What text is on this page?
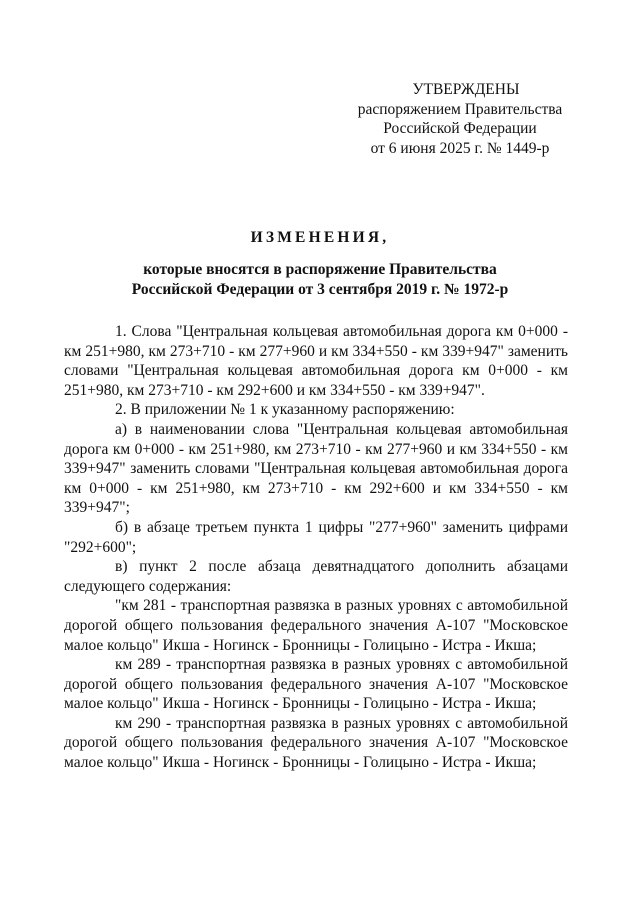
УТВЕРЖДЕНЫ
распоряжением Правительства
Российской Федерации
от 6 июня 2025 г. № 1449-р
ИЗМЕНЕНИЯ,
которые вносятся в распоряжение Правительства
Российской Федерации от 3 сентября 2019 г. № 1972-р

1. Слова "Центральная кольцевая автомобильная дорога км 0+000 - км 251+980, км 273+710 - км 277+960 и км 334+550 - км 339+947" заменить словами "Центральная кольцевая автомобильная дорога км 0+000 - км 251+980, км 273+710 - км 292+600 и км 334+550 - км 339+947".

2. В приложении № 1 к указанному распоряжению:

а) в наименовании слова "Центральная кольцевая автомобильная дорога км 0+000 - км 251+980, км 273+710 - км 277+960 и км 334+550 - км 339+947" заменить словами "Центральная кольцевая автомобильная дорога км 0+000 - км 251+980, км 273+710 - км 292+600 и км 334+550 - км 339+947";

б) в абзаце третьем пункта 1 цифры "277+960" заменить цифрами "292+600";

в) пункт 2 после абзаца девятнадцатого дополнить абзацами следующего содержания:

"км 281 - транспортная развязка в разных уровнях с автомобильной дорогой общего пользования федерального значения А-107 "Московское малое кольцо" Икша - Ногинск - Бронницы - Голицыно - Истра - Икша;

км 289 - транспортная развязка в разных уровнях с автомобильной дорогой общего пользования федерального значения А-107 "Московское малое кольцо" Икша - Ногинск - Бронницы - Голицыно - Истра - Икша;

км 290 - транспортная развязка в разных уровнях с автомобильной дорогой общего пользования федерального значения А-107 "Московское малое кольцо" Икша - Ногинск - Бронницы - Голицыно - Истра - Икша;
